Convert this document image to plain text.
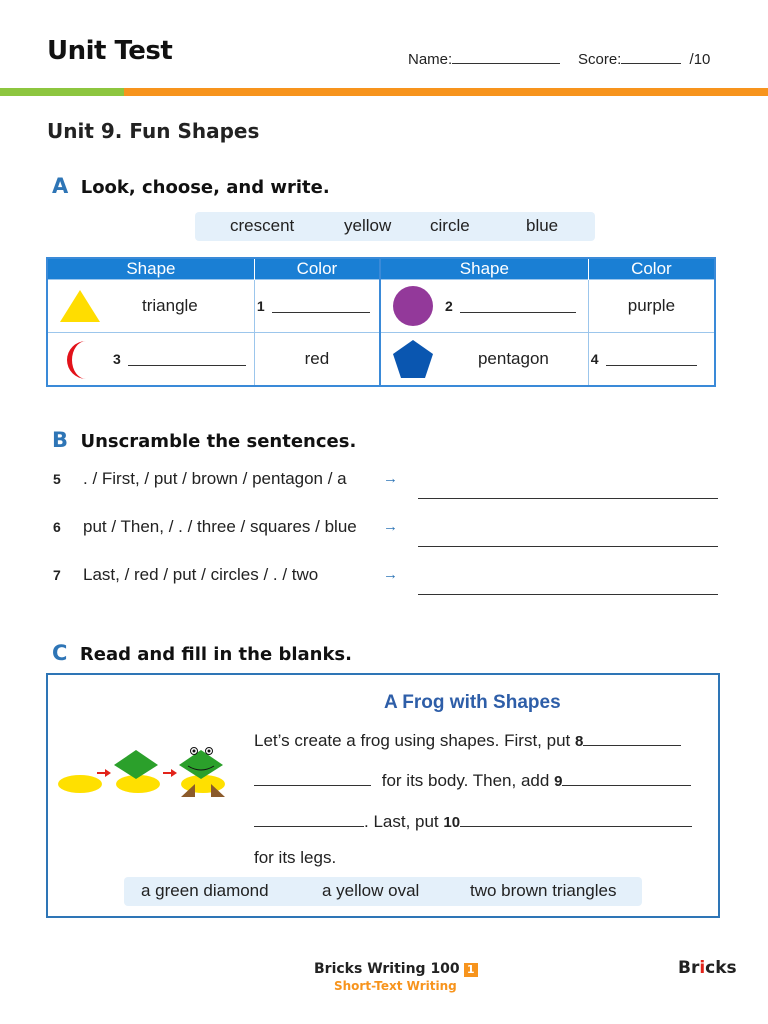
Unit Test	Name:	Score:	/10
Unit 9. Fun Shapes
A Look, choose, and write.
crescent	yellow circle	blue
Shape	Color	Shape	Color

triangle	1	2	purple

3	red	pentagon	4
B Unscramble the sentences.
5 . / First, / put / brown / pentagon / a →
6 put / Then, / . / three / squares / blue →
7 Last, / red / put / circles / . / two	→
C Read and fill in the blanks.
A Frog with Shapes
Let’s create a frog using shapes. First, put 8
for its body. Then, add 9
. Last, put 10
for its legs.
a green diamond	a yellow oval	two brown triangles
Bricks Writing 100 1
Short-Text Writing
Bricks
